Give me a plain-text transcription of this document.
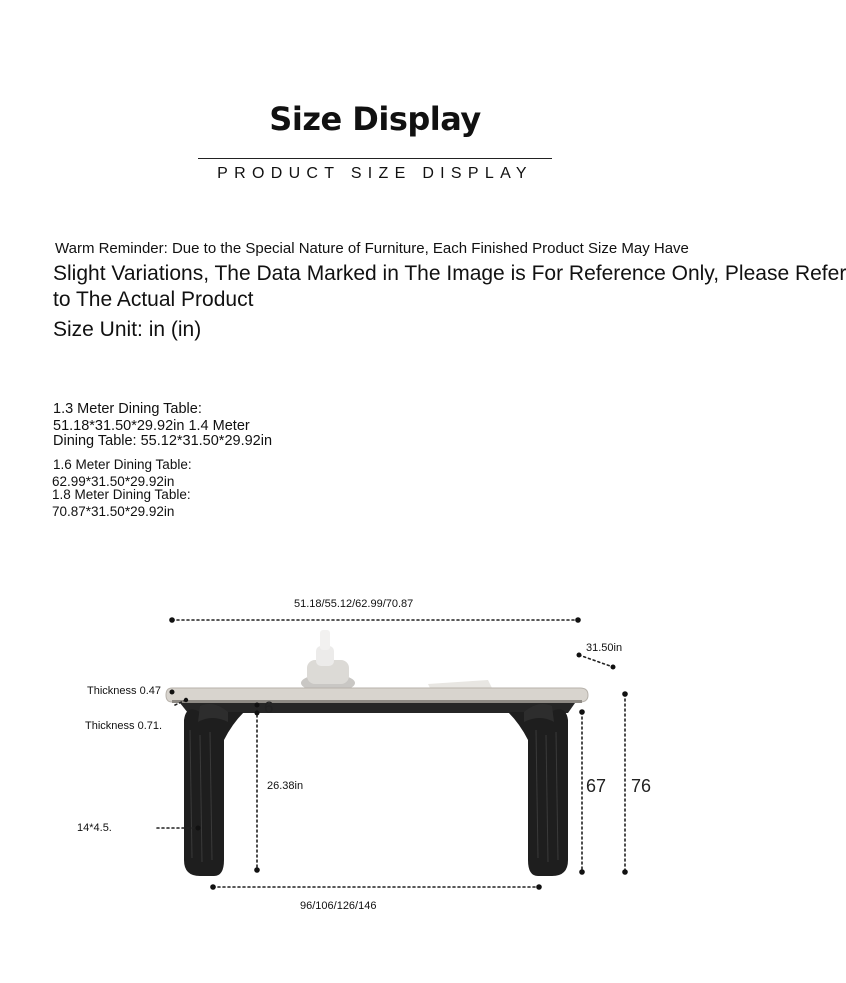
Size Display
PRODUCT SIZE DISPLAY
Warm Reminder: Due to the Special Nature of Furniture, Each Finished Product Size May Have
Slight Variations, The Data Marked in The Image is For Reference Only, Please Refer
to The Actual Product
Size Unit: in (in)
1.3 Meter Dining Table:
51.18*31.50*29.92in 1.4 Meter
Dining Table: 55.12*31.50*29.92in
1.6 Meter Dining Table:
62.99*31.50*29.92in
1.8 Meter Dining Table:
70.87*31.50*29.92in
51.18/55.12/62.99/70.87
31.50in
Thickness 0.47
Thickness 0.71.
6
26.38in
14*4.5.
67 76
96/106/126/146
